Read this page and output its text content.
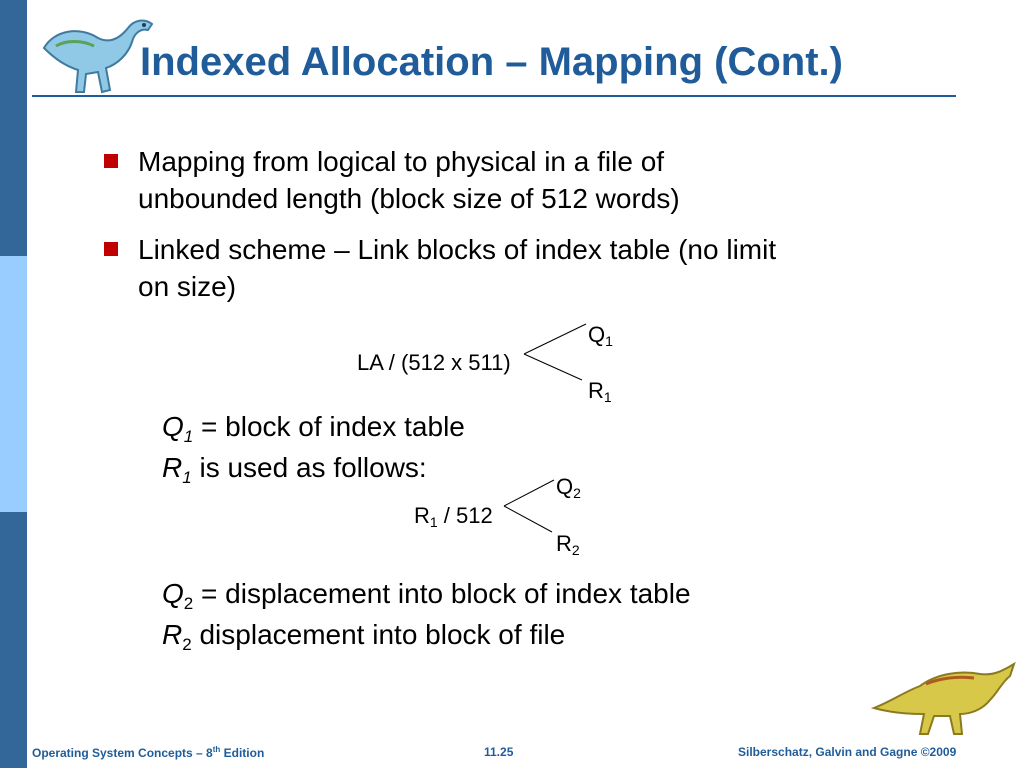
Indexed Allocation – Mapping (Cont.)
Mapping from logical to physical in a file of
unbounded length (block size of 512 words)
Linked scheme – Link blocks of index table (no limit
on size)
LA / (512 x 511)
$Q_1$
$R_1$
$Q_1$ = block of index table
$R_1$ is used as follows:
$R_1 / 512$
$Q_2$
$R_2$
$Q_2$ = displacement into block of index table
$R_2$ displacement into block of file
Operating System Concepts – 8th Edition	11.25	Silberschatz, Galvin and Gagne ©2009
